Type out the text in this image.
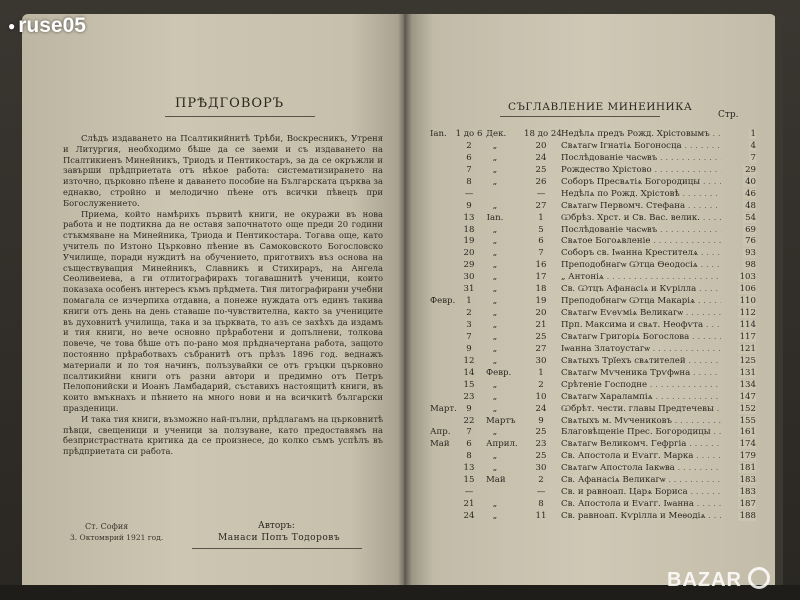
● ruse05
ПРѢДГОВОРЪ

Слѣдъ издаването на Псалтикийнитѣ Трѣби, Воскресникъ, Утреня и Литургия, необходимо бѣше да се заеми и съ издаването на Псалтикиенъ Минейникъ, Триодъ и Пентикостаръ, за да се окръжли и завърши прѣдприетата отъ нѣкое работа: систематизирането на източно, църковно пѣене и даването пособие на Българската църква за еднакво, стройно и мелодично пѣене отъ всички пѣвецъ при Богослужението.

Приема, който намѣрихъ първитѣ книги, не окуражи въ нова работа и не подтикна да не оставя започнатото още преди 20 години стъкмяване на Минейника, Триода и Пентикостара. Тогава още, като учитель по Изтоно Църковно пѣение въ Самоковското Богословско Училище, поради нуждитѣ на обучението, приготвихъ въз основа на съществуващия Минейникъ, Славникъ и Стихираръ, на Ангела Сеоливеиева, а ги отлитографирахъ тогавашнитѣ ученици, които показаха особенъ интересъ къмъ прѣдмета. Тия литографирани учебни помагала се изчерпиха отдавна, а понеже нуждата отъ единъ такива книги отъ день на день ставаше по-чувствителна, както за учениците въ духовнитѣ училища, така и за църквата, то азъ се захѣхъ да издамъ и тия книги, но вече основно прѣработени и допълнени, толкова повече, че това бѣше отъ по-рано моя прѣдначертана работа, защото постоянно прѣработвахъ събранитѣ отъ прѣзъ 1896 год. веднажъ материали и по тоя начинъ, полъзувайки се отъ гръцки църковно псалтикийни книги отъ разни автори и предимно отъ Петръ Пелопонийски и Иоанъ Ламбадарий, съставихъ настоящитѣ книги, въ които вмъкнахъ и пѣнието на много нови и на всичкитѣ български празденици.

И така тия книги, възможно най-пълни, прѣдлагамъ на църковнитѣ пѣвци, свещеници и ученици за ползуване, като предоставямъ на безпристрастната критика да се произнесе, до колко съмъ успѣлъ въ прѣдприетата си работа.

Ст. София
3. Октомврий 1921 год.
Авторъ:
Манаси Попъ Тодоровъ
СЪГЛАВЛЕНИЕ МИНЕИНИКА
Стр.
Ian.	1 до 6 Дек. 18 до 24 Недѣлѧ предъ Рожд. Хрістовымъ . . .	1
2	„	20	Свѧтагѡ Ігнатіѧ Богоносца . . .	4
6	„	24	Послѣдованіе часѡвъ . . .	7
7	„	25	Рождество Хрістово . . .	29
8	„	26	Соборъ Пресвѧтіѧ Богородицы . . .	40
—	—	Недѣлѧ по Рожд. Хрістовѣ . . .	46
9	„	27	Свѧтагѡ Первомч. Стефана . . .	48
13	Ian.	1	Ѡбрѣз. Хрст. и Св. Вас. велик. . . .	54
18	„	5	Послѣдованіе часѡвъ . . .	69
19	„	6	Свѧтое Богоѧвленіе . . .	76
20	„	7	Соборъ св. Іѡанна Крестителѧ . . .	93
29	„	16	Преподобнагѡ Ѡтца Ѳеодосіѧ . . .	98
30	„	17	„ Антоніѧ . . .	103
31	„	18	Св. Ѡтцъ Афанасіѧ и Кѵрілла . . .	106
Февр.	1	„	19	Преподобнагѡ Ѡтца Макаріѧ . . .	110
2	„	20	Свѧтагѡ Еѵѳѵміѧ Великагѡ . . .	112
3	„	21	Прп. Максима и свѧт. Неофѵта . . .	114
7	„	25	Свѧтагѡ Григоріѧ Богослова . . .	117
9	„	27	Іѡанна Златоустагѡ . . .	121
12	„	30	Свѧтыхъ Трїехъ свѧтителей . . .	125
14	Февр.	1	Свѧтагѡ Мѵченика Трѵфѡна . . .	131
15	„	2	Срѣтеніе Господне . . .	134
23	„	10	Свѧтагѡ Харалампіѧ . . .	147
Март.	9	„	24	Ѡбрѣт. чести. главы Предтечевы . . .	152
22	Мартъ	9	Свѧтыхъ м. Мѵчениковъ . . .	155
Апр.	7	„	25	Благовѣщеніе Прес. Богородицы . . .	161
Май	6	Април.	23	Свѧтагѡ Великомч. Гефргіа . . .	174
8	„	25	Св. Апостола и Еѵагг. Марка . . .	179
13	„	30	Свѧтагѡ Апостола Іакѡва . . .	181
15	Май	2	Св. Афанасіѧ Великагѡ . . .	183
—	—	Св. и равноап. Царѧ Бориса . . .	183
21	„	8	Св. Апостола и Еѵагг. Іѡанна . . .	187
24	„	11	Св. равноап. Кѵрілла и Меѳодіѧ . . .	188
BAZAR
